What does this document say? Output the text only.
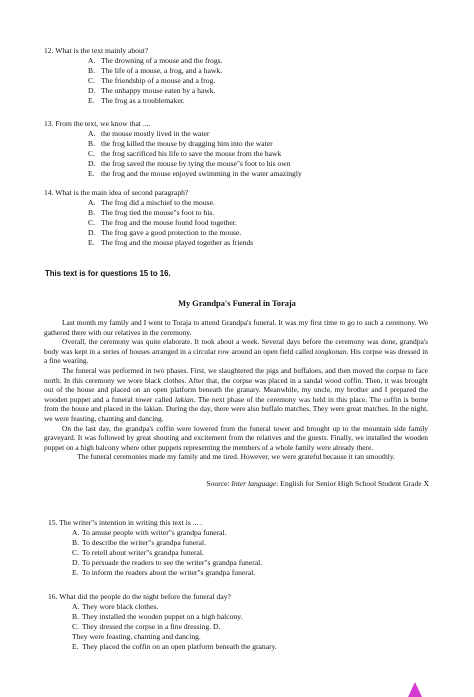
12. What is the text mainly about?
A. The drowning of a mouse and the frogs.
B. The life of a mouse, a frog, and a hawk.
C. The friendship of a mouse and a frog.
D. The unhappy mouse eaten by a hawk.
E. The frog as a troublemaker.
13. From the text, we know that ....
A. the mouse mostly lived in the water
B. the frog killed the mouse by dragging him into the water
C. the frog sacrificed his life to save the mouse from the hawk
D. the frog saved the mouse by tying the mouse"s foot to his own
E. the frog and the mouse enjoyed swimming in the water amazingly
14. What is the main idea of second paragraph?
A. The frog did a mischief to the mouse.
B. The frog tied the mouse"s foot to his.
C. The frog and the mouse found food together.
D. The frog gave a good protection to the mouse.
E. The frog and the mouse played together as friends
This text is for questions 15 to 16.
My Grandpa's Funeral in Toraja

Last month my family and I went to Toraja to attend Grandpa's funeral. It was my first time to go to such a ceremony. We gathered there with our relatives in the ceremony.

Overall, the ceremony was quite elaborate. It took about a week. Several days before the ceremony was done, grandpa's body was kept in a series of houses arranged in a circular row around an open field called tongkonan. His corpse was dressed in a fine wearing.

The funeral was performed in two phases. First, we slaughtered the pigs and buffaloes, and then moved the corpse to face north. In this ceremony we wore black clothes. After that, the corpse was placed in a sandal wood coffin. Then, it was brought out of the house and placed on an open platform beneath the granary. Meanwhile, my uncle, my brother and I prepared the wooden puppet and a funeral tower called lakian. The next phase of the ceremony was held in this place. The coffin is borne from the house and placed in the lakian. During the day, there were also buffalo matches. They were great matches. In the night, we were feasting, chanting and dancing.

On the last day, the grandpa's coffin were lowered from the funeral tower and brought up to the mountain side family graveyard. It was followed by great shouting and excitement from the relatives and the guests. Finally, we installed the wooden puppet on a high balcony where other puppets representing the members of a whole family were already there.

The funeral ceremonies made my family and me tired. However, we were grateful because it ran smoothly.

Source: Inter language: English for Senior High School Student Grade X
15. The writer"s intention in writing this text is ... .
A. To amuse people with writer"s grandpa funeral.
B. To describe the writer"s grandpa funeral.
C. To retell about writer"s grandpa funeral.
D. To persuade the readers to see the writer"s grandpa funeral.
E. To inform the readers about the writer"s grandpa funeral.
16. What did the people do the night before the funeral day?
A. They wore black clothes.
B. They installed the wooden puppet on a high balcony.
C. They dressed the corpse in a fine dressing. D.
They were feasting, chanting and dancing.
E. They placed the coffin on an open platform beneath the granary.
